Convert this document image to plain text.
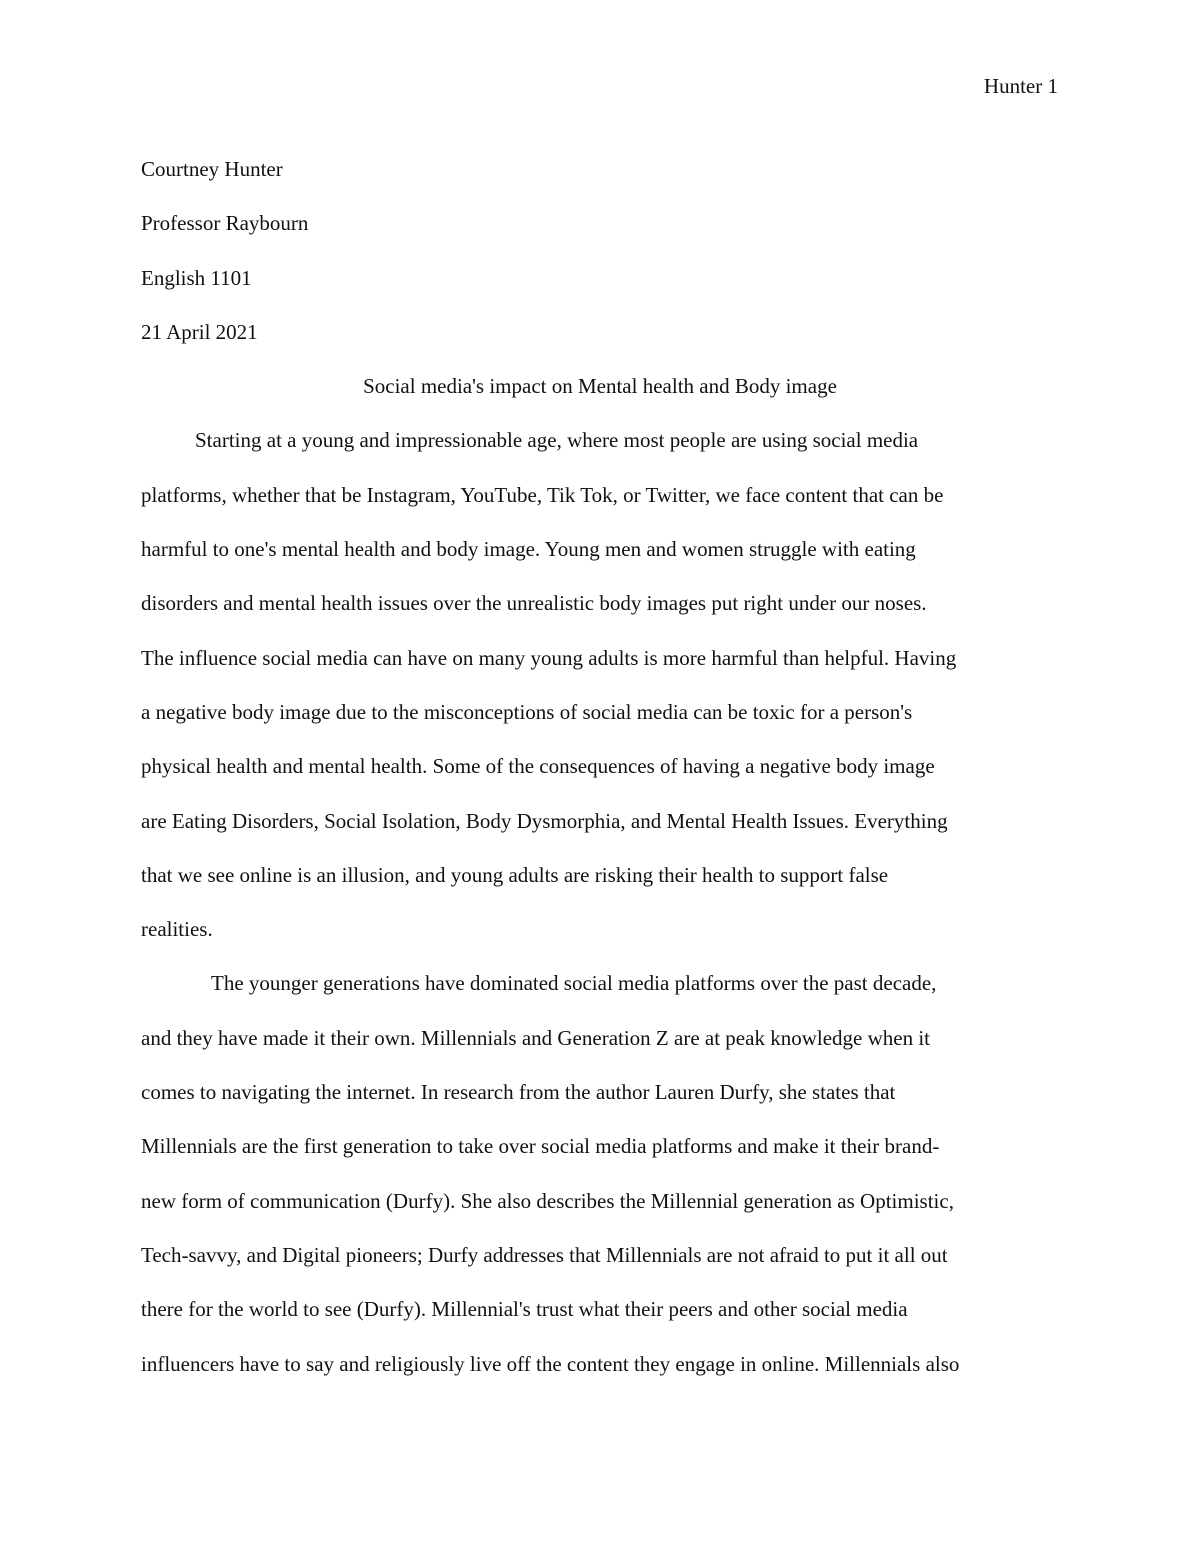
Hunter 1

Courtney Hunter

Professor Raybourn

English 1101

21 April 2021

Social media's impact on Mental health and Body image

Starting at a young and impressionable age, where most people are using social media
platforms, whether that be Instagram, YouTube, Tik Tok, or Twitter, we face content that can be
harmful to one's mental health and body image. Young men and women struggle with eating
disorders and mental health issues over the unrealistic body images put right under our noses.
The influence social media can have on many young adults is more harmful than helpful. Having
a negative body image due to the misconceptions of social media can be toxic for a person's
physical health and mental health. Some of the consequences of having a negative body image
are Eating Disorders, Social Isolation, Body Dysmorphia, and Mental Health Issues. Everything
that we see online is an illusion, and young adults are risking their health to support false
realities.

The younger generations have dominated social media platforms over the past decade,
and they have made it their own. Millennials and Generation Z are at peak knowledge when it
comes to navigating the internet. In research from the author Lauren Durfy, she states that
Millennials are the first generation to take over social media platforms and make it their brand-
new form of communication (Durfy). She also describes the Millennial generation as Optimistic,
Tech-savvy, and Digital pioneers; Durfy addresses that Millennials are not afraid to put it all out
there for the world to see (Durfy). Millennial's trust what their peers and other social media
influencers have to say and religiously live off the content they engage in online. Millennials also
